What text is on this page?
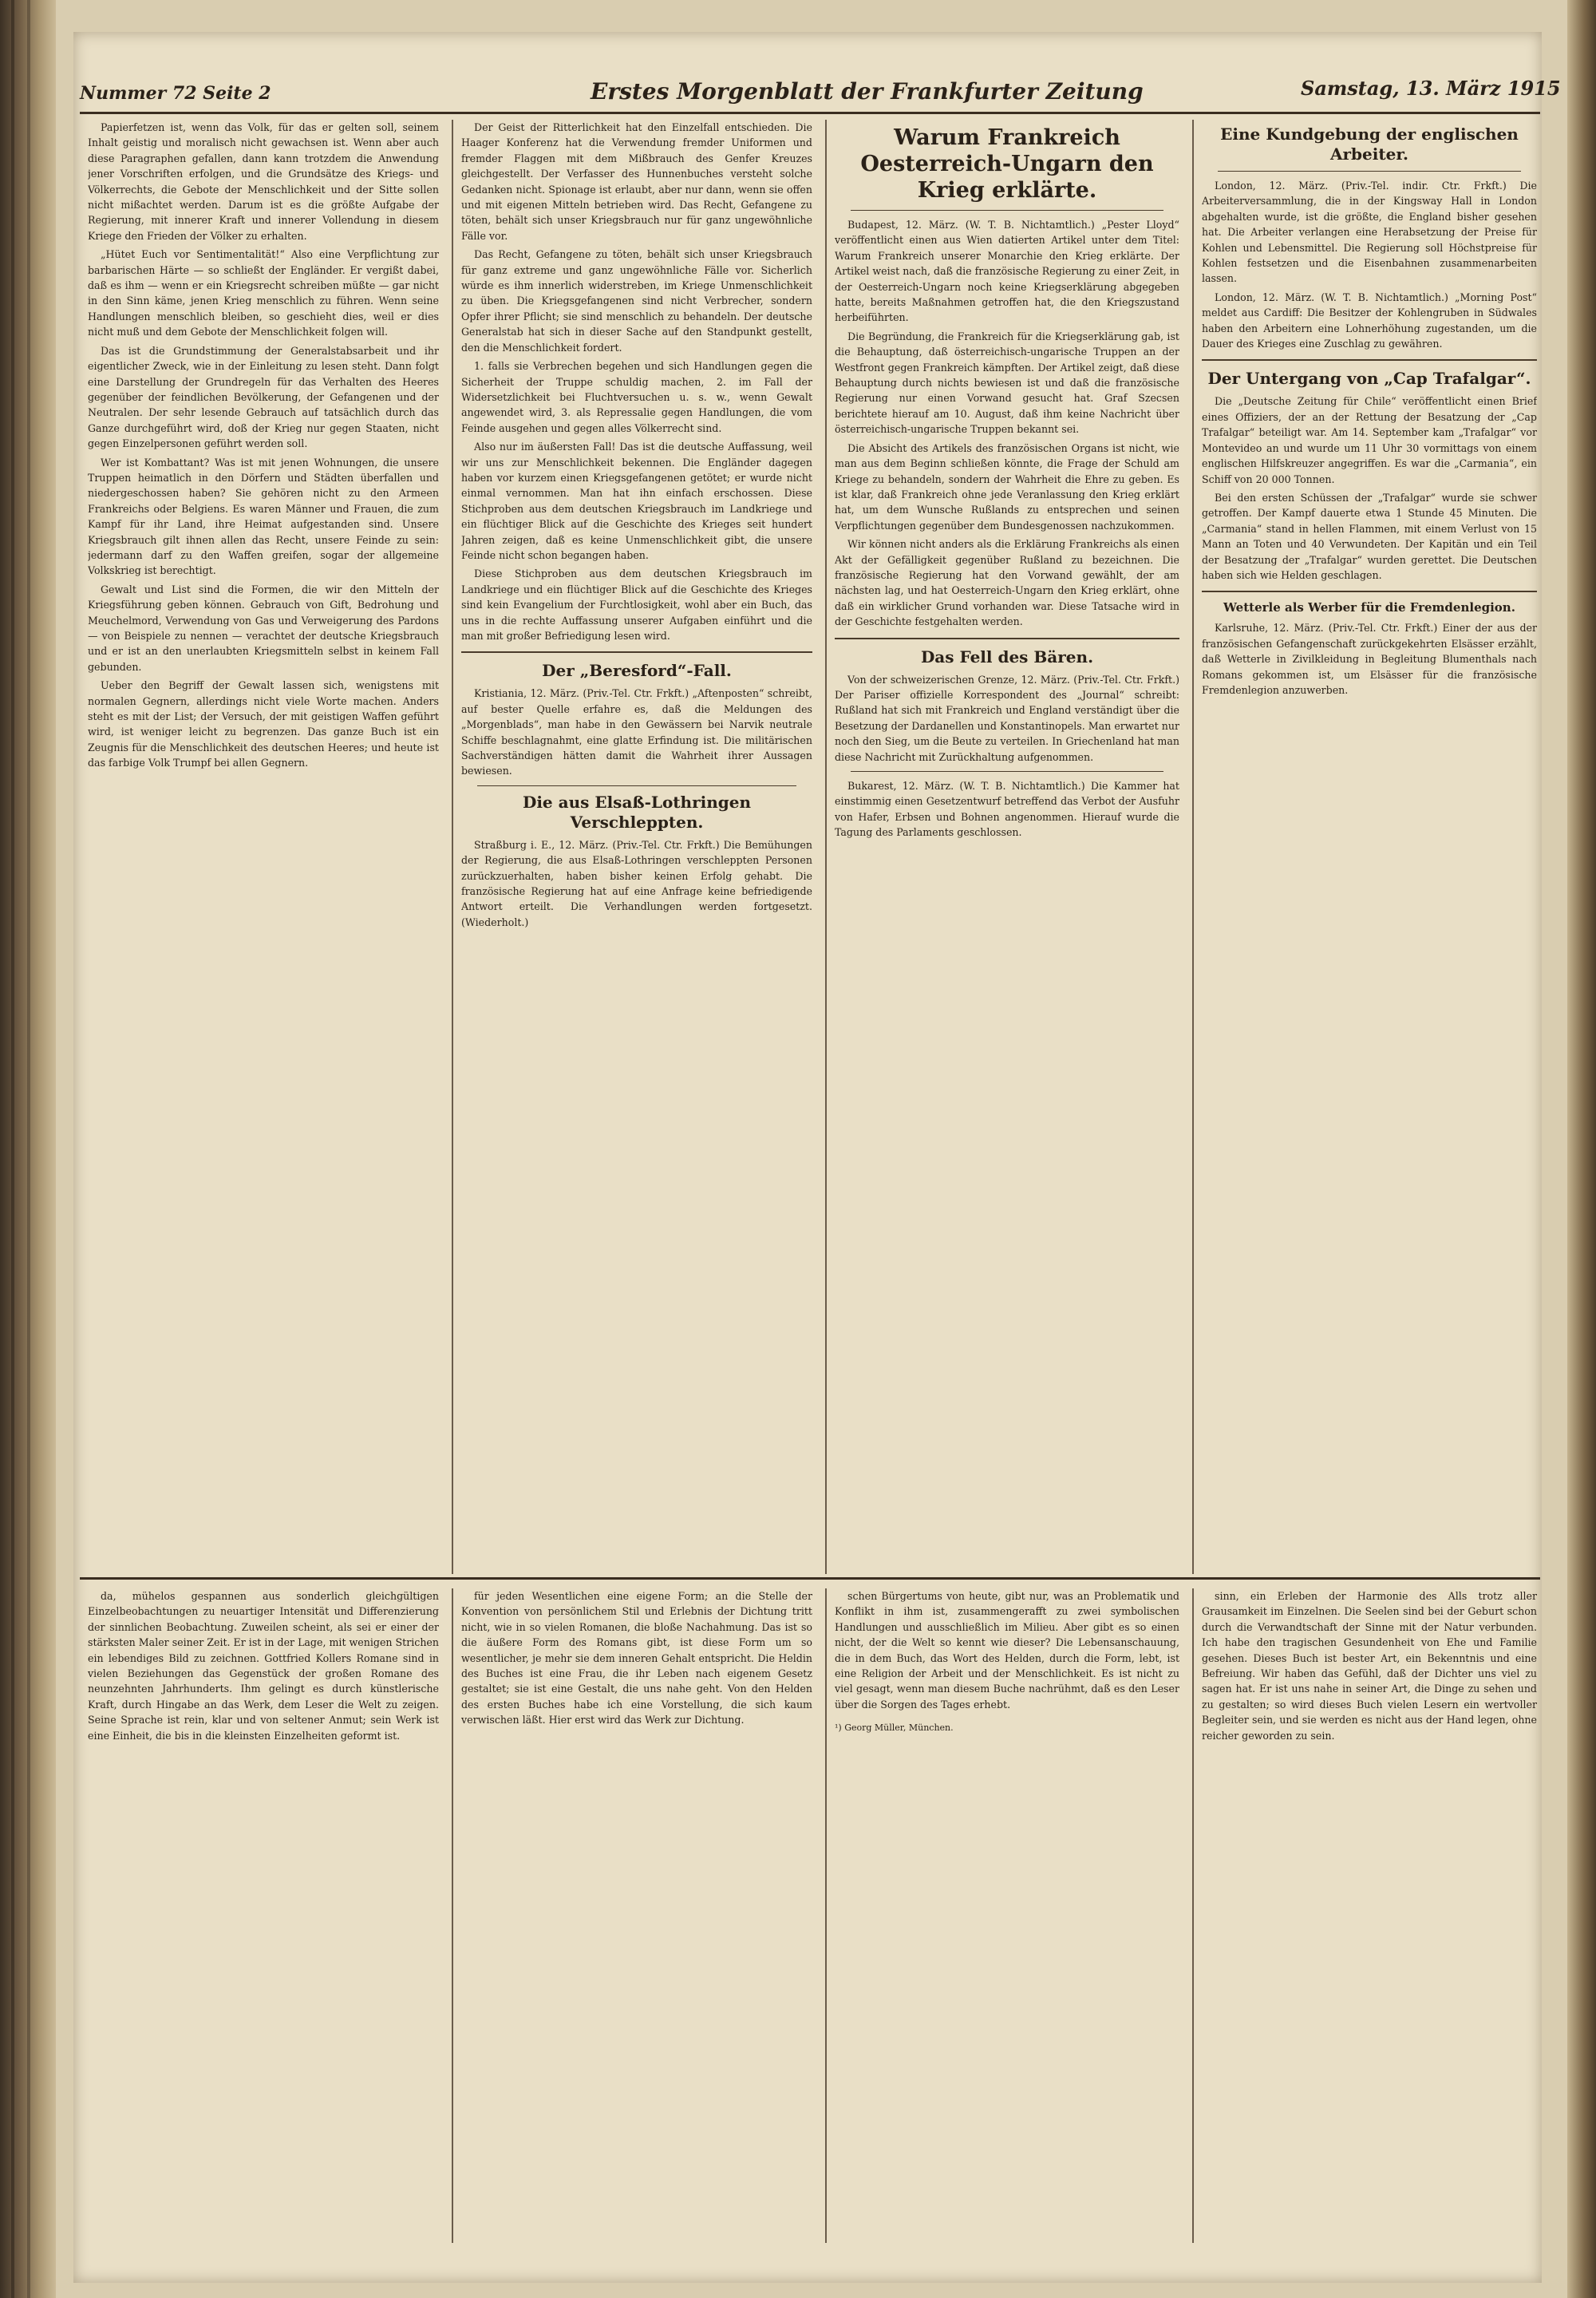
Nummer 72 Seite 2	Erstes Morgenblatt der Frankfurter Zeitung	Samstag, 13. März 1915

Papierfetzen ist, wenn das Volk, für das er gelten soll, seinem Inhalt geistig und moralisch nicht gewachsen ist. Wenn aber auch diese Paragraphen gefallen, dann kann trotzdem die Anwendung jener Vorschriften erfolgen, und die Grundsätze des Kriegs- und Völkerrechts, die Gebote der Menschlichkeit und der Sitte sollen nicht mißachtet werden. Darum ist es die größte Aufgabe der Regierung, mit innerer Kraft und innerer Vollendung in diesem Kriege den Frieden der Völker zu erhalten.

„Hütet Euch vor Sentimentalität!“ Also eine Verpflichtung zur barbarischen Härte — so schließt der Engländer. Er vergißt dabei, daß es ihm — wenn er ein Kriegsrecht schreiben müßte — gar nicht in den Sinn käme, jenen Krieg menschlich zu führen. Wenn seine Handlungen menschlich bleiben, so geschieht dies, weil er dies nicht muß und dem Gebote der Menschlichkeit folgen will.

Das ist die Grundstimmung der Generalstabsarbeit und ihr eigentlicher Zweck, wie in der Einleitung zu lesen steht. Dann folgt eine Darstellung der Grundregeln für das Verhalten des Heeres gegenüber der feindlichen Bevölkerung, der Gefangenen und der Neutralen. Der sehr lesende Gebrauch auf tatsächlich durch das Ganze durchgeführt wird, doß der Krieg nur gegen Staaten, nicht gegen Einzelpersonen geführt werden soll.

Wer ist Kombattant? Was ist mit jenen Wohnungen, die unsere Truppen heimatlich in den Dörfern und Städten überfallen und niedergeschossen haben? Sie gehören nicht zu den Armeen Frankreichs oder Belgiens. Es waren Männer und Frauen, die zum Kampf für ihr Land, ihre Heimat aufgestanden sind. Unsere Kriegsbrauch gilt ihnen allen das Recht, unsere Feinde zu sein: jedermann darf zu den Waffen greifen, sogar der allgemeine Volkskrieg ist berechtigt.

Gewalt und List sind die Formen, die wir den Mitteln der Kriegsführung geben können. Gebrauch von Gift, Bedrohung und Meuchelmord, Verwendung von Gas und Verweigerung des Pardons — von Beispiele zu nennen — verachtet der deutsche Kriegsbrauch und er ist an den unerlaubten Kriegsmitteln selbst in keinem Fall gebunden.

Ueber den Begriff der Gewalt lassen sich, wenigstens mit normalen Gegnern, allerdings nicht viele Worte machen. Anders steht es mit der List; der Versuch, der mit geistigen Waffen geführt wird, ist weniger leicht zu begrenzen. Das ganze Buch ist ein Zeugnis für die Menschlichkeit des deutschen Heeres; und heute ist das farbige Volk Trumpf bei allen Gegnern.

Der Geist der Ritterlichkeit hat den Einzelfall entschieden. Die Haager Konferenz hat die Verwendung fremder Uniformen und fremder Flaggen mit dem Mißbrauch des Genfer Kreuzes gleichgestellt. Der Verfasser des Hunnenbuches versteht solche Gedanken nicht. Spionage ist erlaubt, aber nur dann, wenn sie offen und mit eigenen Mitteln betrieben wird. Das Recht, Gefangene zu töten, behält sich unser Kriegsbrauch nur für ganz ungewöhnliche Fälle vor.

Das Recht, Gefangene zu töten, behält sich unser Kriegsbrauch für ganz extreme und ganz ungewöhnliche Fälle vor. Sicherlich würde es ihm innerlich widerstreben, im Kriege Unmenschlichkeit zu üben. Die Kriegsgefangenen sind nicht Verbrecher, sondern Opfer ihrer Pflicht; sie sind menschlich zu behandeln. Der deutsche Generalstab hat sich in dieser Sache auf den Standpunkt gestellt, den die Menschlichkeit fordert.

1. falls sie Verbrechen begehen und sich Handlungen gegen die Sicherheit der Truppe schuldig machen, 2. im Fall der Widersetzlichkeit bei Fluchtversuchen u. s. w., wenn Gewalt angewendet wird, 3. als Repressalie gegen Handlungen, die vom Feinde ausgehen und gegen alles Völkerrecht sind.

Also nur im äußersten Fall! Das ist die deutsche Auffassung, weil wir uns zur Menschlichkeit bekennen. Die Engländer dagegen haben vor kurzem einen Kriegsgefangenen getötet; er wurde nicht einmal vernommen. Man hat ihn einfach erschossen. Diese Stichproben aus dem deutschen Kriegsbrauch im Landkriege und ein flüchtiger Blick auf die Geschichte des Krieges seit hundert Jahren zeigen, daß es keine Unmenschlichkeit gibt, die unsere Feinde nicht schon begangen haben.

Diese Stichproben aus dem deutschen Kriegsbrauch im Landkriege und ein flüchtiger Blick auf die Geschichte des Krieges sind kein Evangelium der Furchtlosigkeit, wohl aber ein Buch, das uns in die rechte Auffassung unserer Aufgaben einführt und die man mit großer Befriedigung lesen wird.

Der „Beresford“-Fall.

Kristiania, 12. März. (Priv.-Tel. Ctr. Frkft.) „Aftenposten“ schreibt, auf bester Quelle erfahre es, daß die Meldungen des „Morgenblads“, man habe in den Gewässern bei Narvik neutrale Schiffe beschlagnahmt, eine glatte Erfindung ist. Die militärischen Sachverständigen hätten damit die Wahrheit ihrer Aussagen bewiesen.

Die aus Elsaß-Lothringen Verschleppten.

Straßburg i. E., 12. März. (Priv.-Tel. Ctr. Frkft.) Die Bemühungen der Regierung, die aus Elsaß-Lothringen verschleppten Personen zurückzuerhalten, haben bisher keinen Erfolg gehabt. Die französische Regierung hat auf eine Anfrage keine befriedigende Antwort erteilt. Die Verhandlungen werden fortgesetzt. (Wiederholt.)

Warum Frankreich Oesterreich-Ungarn den Krieg erklärte.

Budapest, 12. März. (W. T. B. Nichtamtlich.) „Pester Lloyd“ veröffentlicht einen aus Wien datierten Artikel unter dem Titel: Warum Frankreich unserer Monarchie den Krieg erklärte. Der Artikel weist nach, daß die französische Regierung zu einer Zeit, in der Oesterreich-Ungarn noch keine Kriegserklärung abgegeben hatte, bereits Maßnahmen getroffen hat, die den Kriegszustand herbeiführten.

Die Begründung, die Frankreich für die Kriegserklärung gab, ist die Behauptung, daß österreichisch-ungarische Truppen an der Westfront gegen Frankreich kämpften. Der Artikel zeigt, daß diese Behauptung durch nichts bewiesen ist und daß die französische Regierung nur einen Vorwand gesucht hat. Graf Szecsen berichtete hierauf am 10. August, daß ihm keine Nachricht über österreichisch-ungarische Truppen bekannt sei.

Die Absicht des Artikels des französischen Organs ist nicht, wie man aus dem Beginn schließen könnte, die Frage der Schuld am Kriege zu behandeln, sondern der Wahrheit die Ehre zu geben. Es ist klar, daß Frankreich ohne jede Veranlassung den Krieg erklärt hat, um dem Wunsche Rußlands zu entsprechen und seinen Verpflichtungen gegenüber dem Bundesgenossen nachzukommen.

Wir können nicht anders als die Erklärung Frankreichs als einen Akt der Gefälligkeit gegenüber Rußland zu bezeichnen. Die französische Regierung hat den Vorwand gewählt, der am nächsten lag, und hat Oesterreich-Ungarn den Krieg erklärt, ohne daß ein wirklicher Grund vorhanden war. Diese Tatsache wird in der Geschichte festgehalten werden.

Das Fell des Bären.

Von der schweizerischen Grenze, 12. März. (Priv.-Tel. Ctr. Frkft.) Der Pariser offizielle Korrespondent des „Journal“ schreibt: Rußland hat sich mit Frankreich und England verständigt über die Besetzung der Dardanellen und Konstantinopels. Man erwartet nur noch den Sieg, um die Beute zu verteilen. In Griechenland hat man diese Nachricht mit Zurückhaltung aufgenommen.

Bukarest, 12. März. (W. T. B. Nichtamtlich.) Die Kammer hat einstimmig einen Gesetzentwurf betreffend das Verbot der Ausfuhr von Hafer, Erbsen und Bohnen angenommen. Hierauf wurde die Tagung des Parlaments geschlossen.

Eine Kundgebung der englischen Arbeiter.

London, 12. März. (Priv.-Tel. indir. Ctr. Frkft.) Die Arbeiterversammlung, die in der Kingsway Hall in London abgehalten wurde, ist die größte, die England bisher gesehen hat. Die Arbeiter verlangen eine Herabsetzung der Preise für Kohlen und Lebensmittel. Die Regierung soll Höchstpreise für Kohlen festsetzen und die Eisenbahnen zusammenarbeiten lassen.

London, 12. März. (W. T. B. Nichtamtlich.) „Morning Post“ meldet aus Cardiff: Die Besitzer der Kohlengruben in Südwales haben den Arbeitern eine Lohnerhöhung zugestanden, um die Dauer des Krieges eine Zuschlag zu gewähren.

Der Untergang von „Cap Trafalgar“.

Die „Deutsche Zeitung für Chile“ veröffentlicht einen Brief eines Offiziers, der an der Rettung der Besatzung der „Cap Trafalgar“ beteiligt war. Am 14. September kam „Trafalgar“ vor Montevideo an und wurde um 11 Uhr 30 vormittags von einem englischen Hilfskreuzer angegriffen. Es war die „Carmania“, ein Schiff von 20 000 Tonnen.

Bei den ersten Schüssen der „Trafalgar“ wurde sie schwer getroffen. Der Kampf dauerte etwa 1 Stunde 45 Minuten. Die „Carmania“ stand in hellen Flammen, mit einem Verlust von 15 Mann an Toten und 40 Verwundeten. Der Kapitän und ein Teil der Besatzung der „Trafalgar“ wurden gerettet. Die Deutschen haben sich wie Helden geschlagen.

Wetterle als Werber für die Fremdenlegion.

Karlsruhe, 12. März. (Priv.-Tel. Ctr. Frkft.) Einer der aus der französischen Gefangenschaft zurückgekehrten Elsässer erzählt, daß Wetterle in Zivilkleidung in Begleitung Blumenthals nach Romans gekommen ist, um Elsässer für die französische Fremdenlegion anzuwerben.

da, mühelos gespannen aus sonderlich gleichgültigen Einzelbeobachtungen zu neuartiger Intensität und Differenzierung der sinnlichen Beobachtung. Zuweilen scheint, als sei er einer der stärksten Maler seiner Zeit. Er ist in der Lage, mit wenigen Strichen ein lebendiges Bild zu zeichnen. Gottfried Kollers Romane sind in vielen Beziehungen das Gegenstück der großen Romane des neunzehnten Jahrhunderts. Ihm gelingt es durch künstlerische Kraft, durch Hingabe an das Werk, dem Leser die Welt zu zeigen. Seine Sprache ist rein, klar und von seltener Anmut; sein Werk ist eine Einheit, die bis in die kleinsten Einzelheiten geformt ist.

für jeden Wesentlichen eine eigene Form; an die Stelle der Konvention von persönlichem Stil und Erlebnis der Dichtung tritt nicht, wie in so vielen Romanen, die bloße Nachahmung. Das ist so die äußere Form des Romans gibt, ist diese Form um so wesentlicher, je mehr sie dem inneren Gehalt entspricht. Die Heldin des Buches ist eine Frau, die ihr Leben nach eigenem Gesetz gestaltet; sie ist eine Gestalt, die uns nahe geht. Von den Helden des ersten Buches habe ich eine Vorstellung, die sich kaum verwischen läßt. Hier erst wird das Werk zur Dichtung.

schen Bürgertums von heute, gibt nur, was an Problematik und Konflikt in ihm ist, zusammengerafft zu zwei symbolischen Handlungen und ausschließlich im Milieu. Aber gibt es so einen nicht, der die Welt so kennt wie dieser? Die Lebensanschauung, die in dem Buch, das Wort des Helden, durch die Form, lebt, ist eine Religion der Arbeit und der Menschlichkeit. Es ist nicht zu viel gesagt, wenn man diesem Buche nachrühmt, daß es den Leser über die Sorgen des Tages erhebt.

¹) Georg Müller, München.

sinn, ein Erleben der Harmonie des Alls trotz aller Grausamkeit im Einzelnen. Die Seelen sind bei der Geburt schon durch die Verwandtschaft der Sinne mit der Natur verbunden. Ich habe den tragischen Gesundenheit von Ehe und Familie gesehen. Dieses Buch ist bester Art, ein Bekenntnis und eine Befreiung. Wir haben das Gefühl, daß der Dichter uns viel zu sagen hat. Er ist uns nahe in seiner Art, die Dinge zu sehen und zu gestalten; so wird dieses Buch vielen Lesern ein wertvoller Begleiter sein, und sie werden es nicht aus der Hand legen, ohne reicher geworden zu sein.
